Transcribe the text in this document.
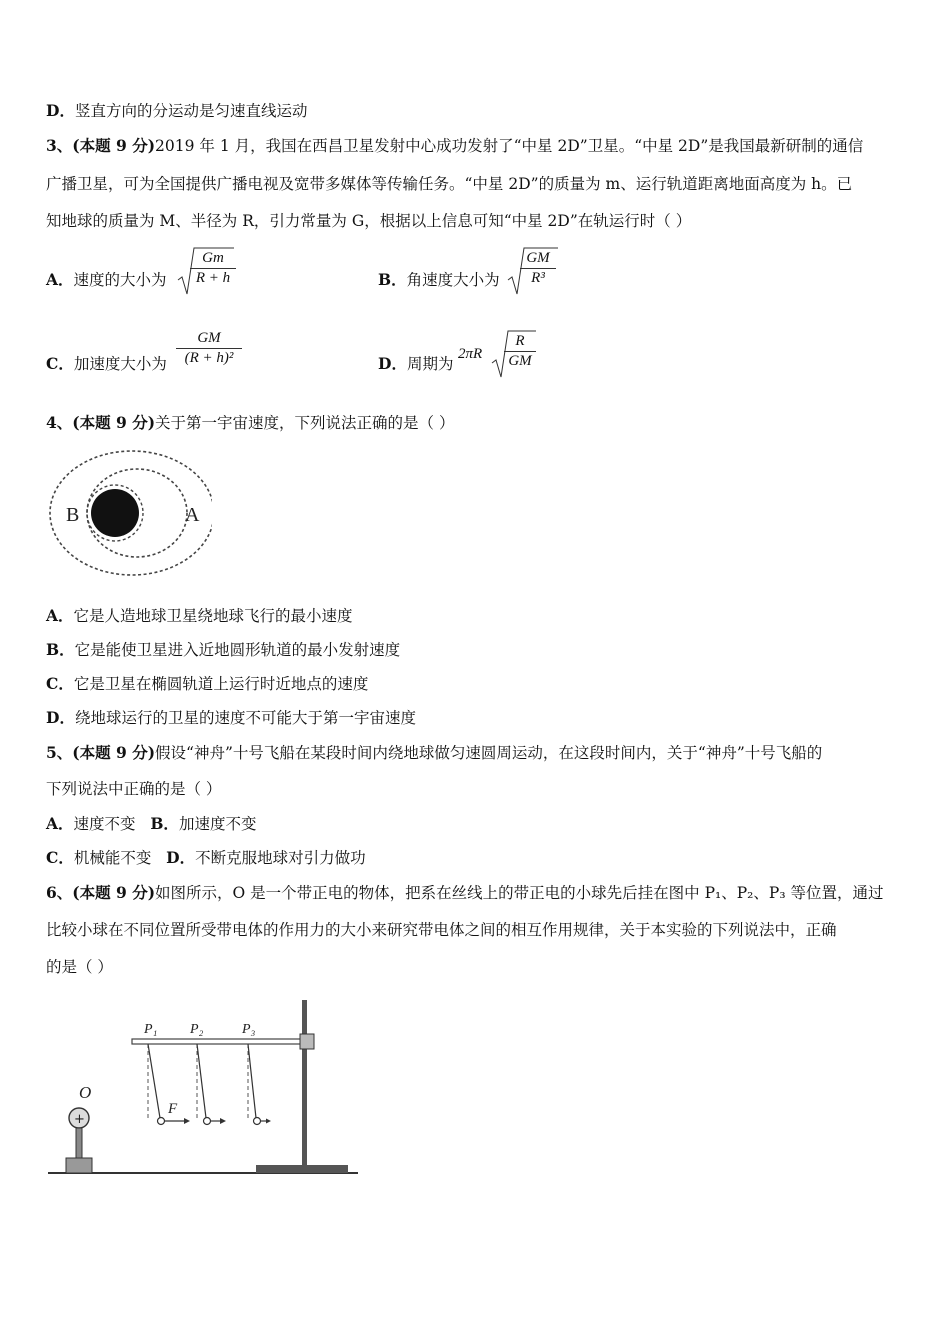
D．竖直方向的分运动是匀速直线运动
3、(本题 9 分)2019 年 1 月，我国在西昌卫星发射中心成功发射了“中星 2D”卫星。“中星 2D”是我国最新研制的通信
广播卫星，可为全国提供广播电视及宽带多媒体等传输任务。“中星 2D”的质量为 m、运行轨道距离地面高度为 h。已
知地球的质量为 M、半径为 R，引力常量为 G，根据以上信息可知“中星 2D”在轨运行时（ ）
A．速度的大小为 $\frac{Gm}{R + h}$	B．角速度大小为 $\frac{GM}{\text{R³}}$
C．加速度大小为 $\frac{GM}{\text{(R + h)²}}$	D．周期为
$2\pi R \frac{R}{GM}$
4、(本题 9 分)关于第一宇宙速度，下列说法正确的是（ ）
B	A
A．它是人造地球卫星绕地球飞行的最小速度
B．它是能使卫星进入近地圆形轨道的最小发射速度
C．它是卫星在椭圆轨道上运行时近地点的速度
D．绕地球运行的卫星的速度不可能大于第一宇宙速度
5、(本题 9 分)假设“神舟”十号飞船在某段时间内绕地球做匀速圆周运动，在这段时间内，关于“神舟”十号飞船的
下列说法中正确的是（ ）
A．速度不变 B．加速度不变
C．机械能不变 D．不断克服地球对引力做功
6、(本题 9 分)如图所示，O 是一个带正电的物体，把系在丝线上的带正电的小球先后挂在图中 P₁、P₂、P₃ 等位置，通过
比较小球在不同位置所受带电体的作用力的大小来研究带电体之间的相互作用规律，关于本实验的下列说法中，正确
的是（ ）
P₁ P₂	P₃
F
O
+
